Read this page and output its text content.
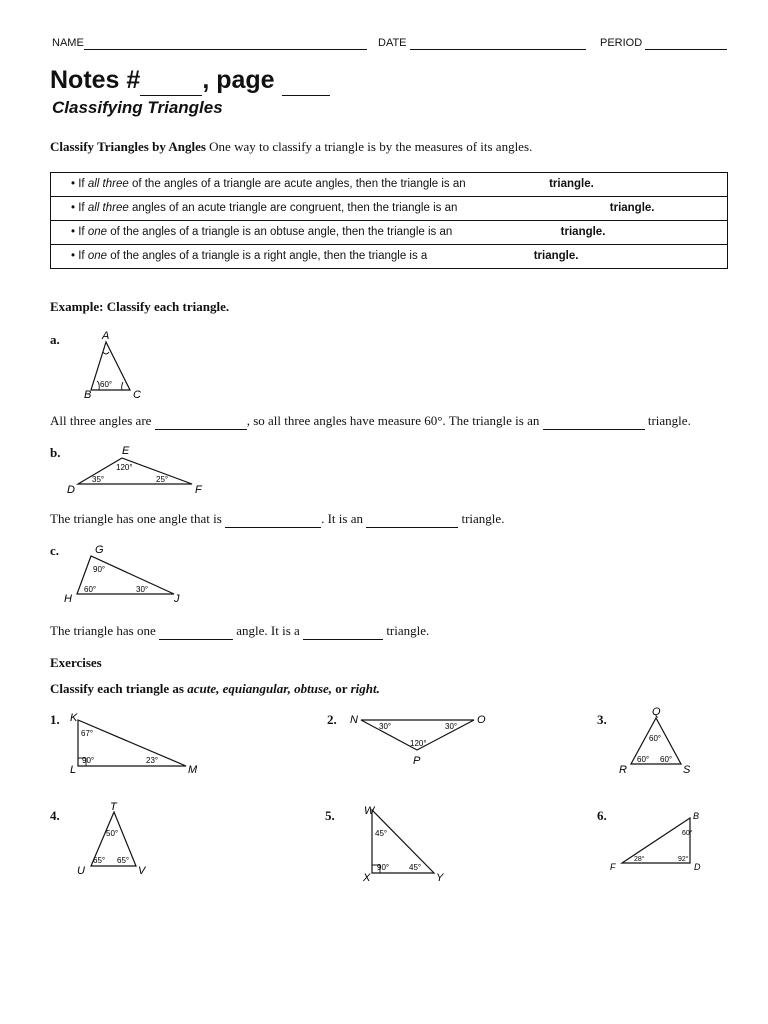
NAME	DATE	PERIOD
Notes # , page
Classifying Triangles
Classify Triangles by Angles One way to classify a triangle is by the measures of its angles.
• If all three of the angles of a triangle are acute angles, then the triangle is an	triangle.
• If all three angles of an acute triangle are congruent, then the triangle is an	triangle.
• If one of the angles of a triangle is an obtuse angle, then the triangle is an	triangle.
• If one of the angles of a triangle is a right angle, then the triangle is a	triangle.
Example: Classify each triangle.
a.	A
B	C
60°
All three angles are	, so all three angles have measure 60°. The triangle is an	triangle.
b.	E
D	F
120°
35°	25°
The triangle has one angle that is	. It is an	triangle.
c.	G
H	J
90°
60°	30°
The triangle has one	angle. It is a	triangle.
Exercises
Classify each triangle as acute, equiangular, obtuse, or right.
1. K
L	M
67°
90°	23°
2. N	O
P
30°	30°
120°
3.	Q
R	S
60°
60° 60°
4.
T
U	V
50°
65° 65°
5.	W
X	Y
45°
90° 45°
6.	B
F	D
60°
28°	92°
